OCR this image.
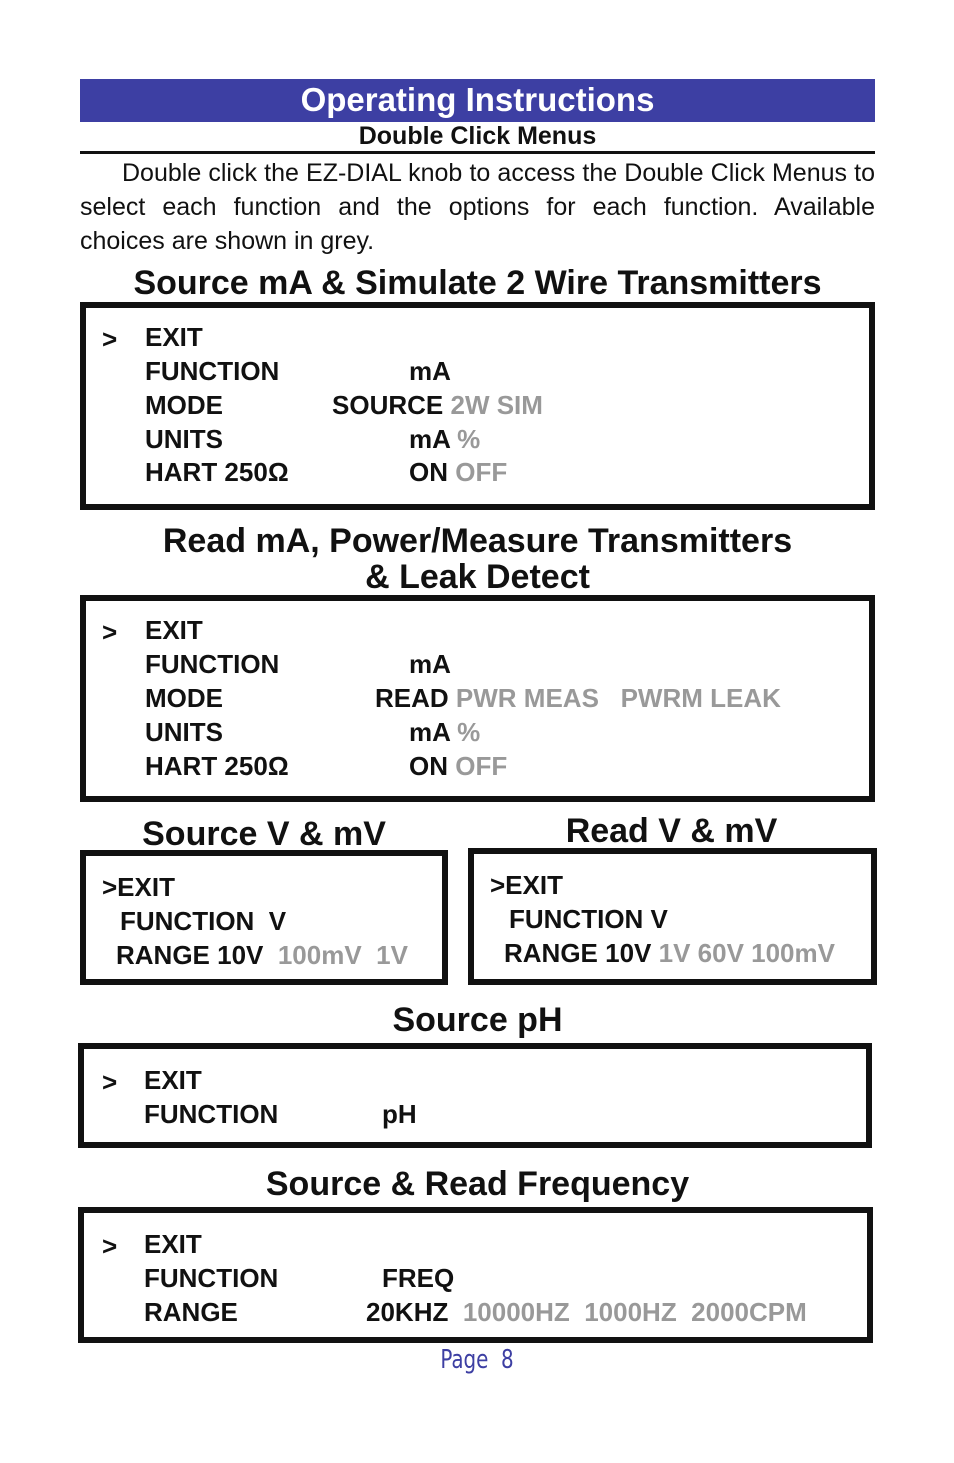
Operating Instructions
Double Click Menus
Double click the EZ-DIAL knob to access the Double Click Menus to select each function and the options for each function. Available choices are shown in grey.
Source mA & Simulate 2 Wire Transmitters
> EXIT
FUNCTION	mA
MODE	SOURCE 2W SIM
UNITS	mA %
HART 250Ω	ON OFF
Read mA, Power/Measure Transmitters
& Leak Detect
> EXIT
FUNCTION	mA
MODE	READ PWR MEAS   PWRM LEAK
UNITS	mA %
HART 250Ω	ON OFF
Source V & mV
>EXIT
FUNCTION  V
RANGE 10V 100mV  1V
Read V & mV
>EXIT
FUNCTION V
RANGE 10V 1V 60V 100mV
Source pH
> EXIT
FUNCTION	pH
Source & Read Frequency
> EXIT
FUNCTION	FREQ
RANGE	20KHZ 10000HZ  1000HZ  2000CPM
Page  8
